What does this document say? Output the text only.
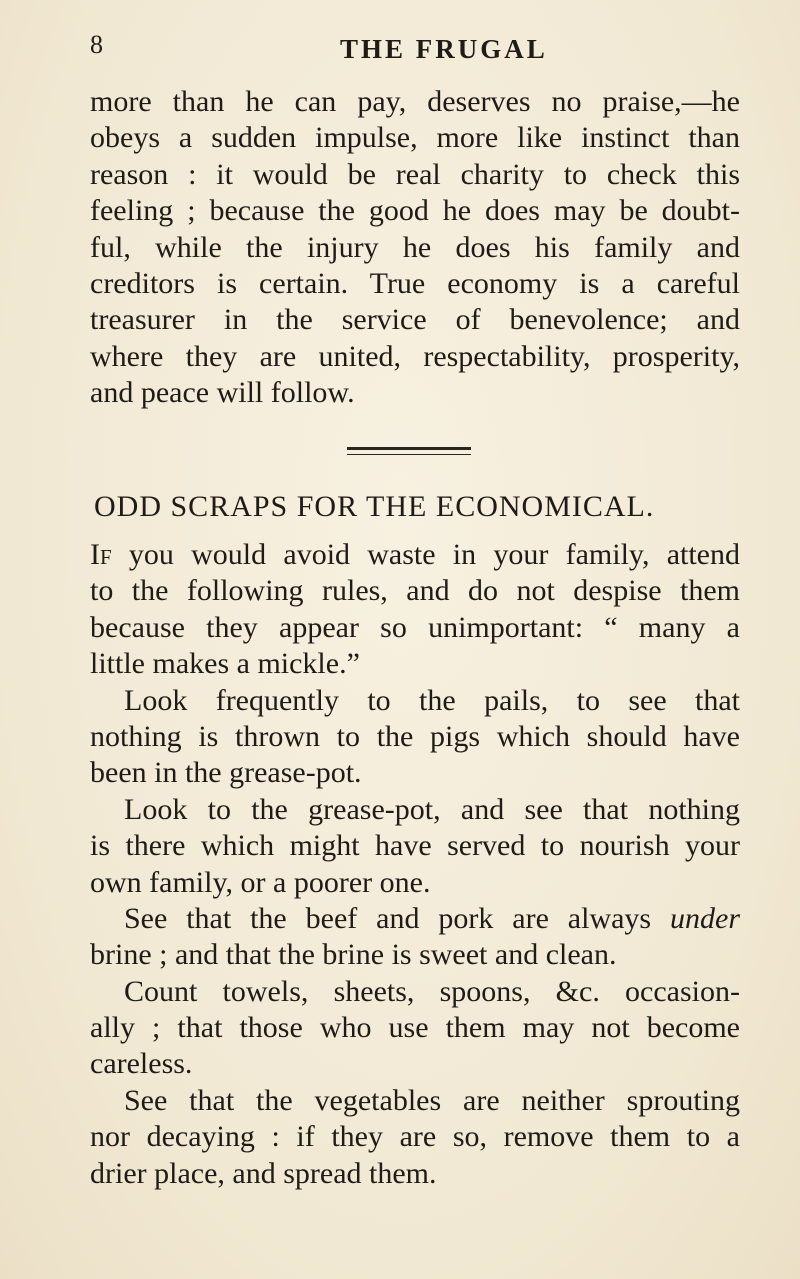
8	THE FRUGAL
more than he can pay, deserves no praise,—he
obeys a sudden impulse, more like instinct than
reason : it would be real charity to check this
feeling ; because the good he does may be doubt-
ful, while the injury he does his family and
creditors is certain. True economy is a careful
treasurer in the service of benevolence; and
where they are united, respectability, prosperity,
and peace will follow.
ODD SCRAPS FOR THE ECONOMICAL.
If you would avoid waste in your family, attend
to the following rules, and do not despise them
because they appear so unimportant: “ many a
little makes a mickle.”
Look frequently to the pails, to see that
nothing is thrown to the pigs which should have
been in the grease-pot.
Look to the grease-pot, and see that nothing
is there which might have served to nourish your
own family, or a poorer one.
See that the beef and pork are always under
brine ; and that the brine is sweet and clean.
Count towels, sheets, spoons, &c. occasion-
ally ; that those who use them may not become
careless.
See that the vegetables are neither sprouting
nor decaying : if they are so, remove them to a
drier place, and spread them.
